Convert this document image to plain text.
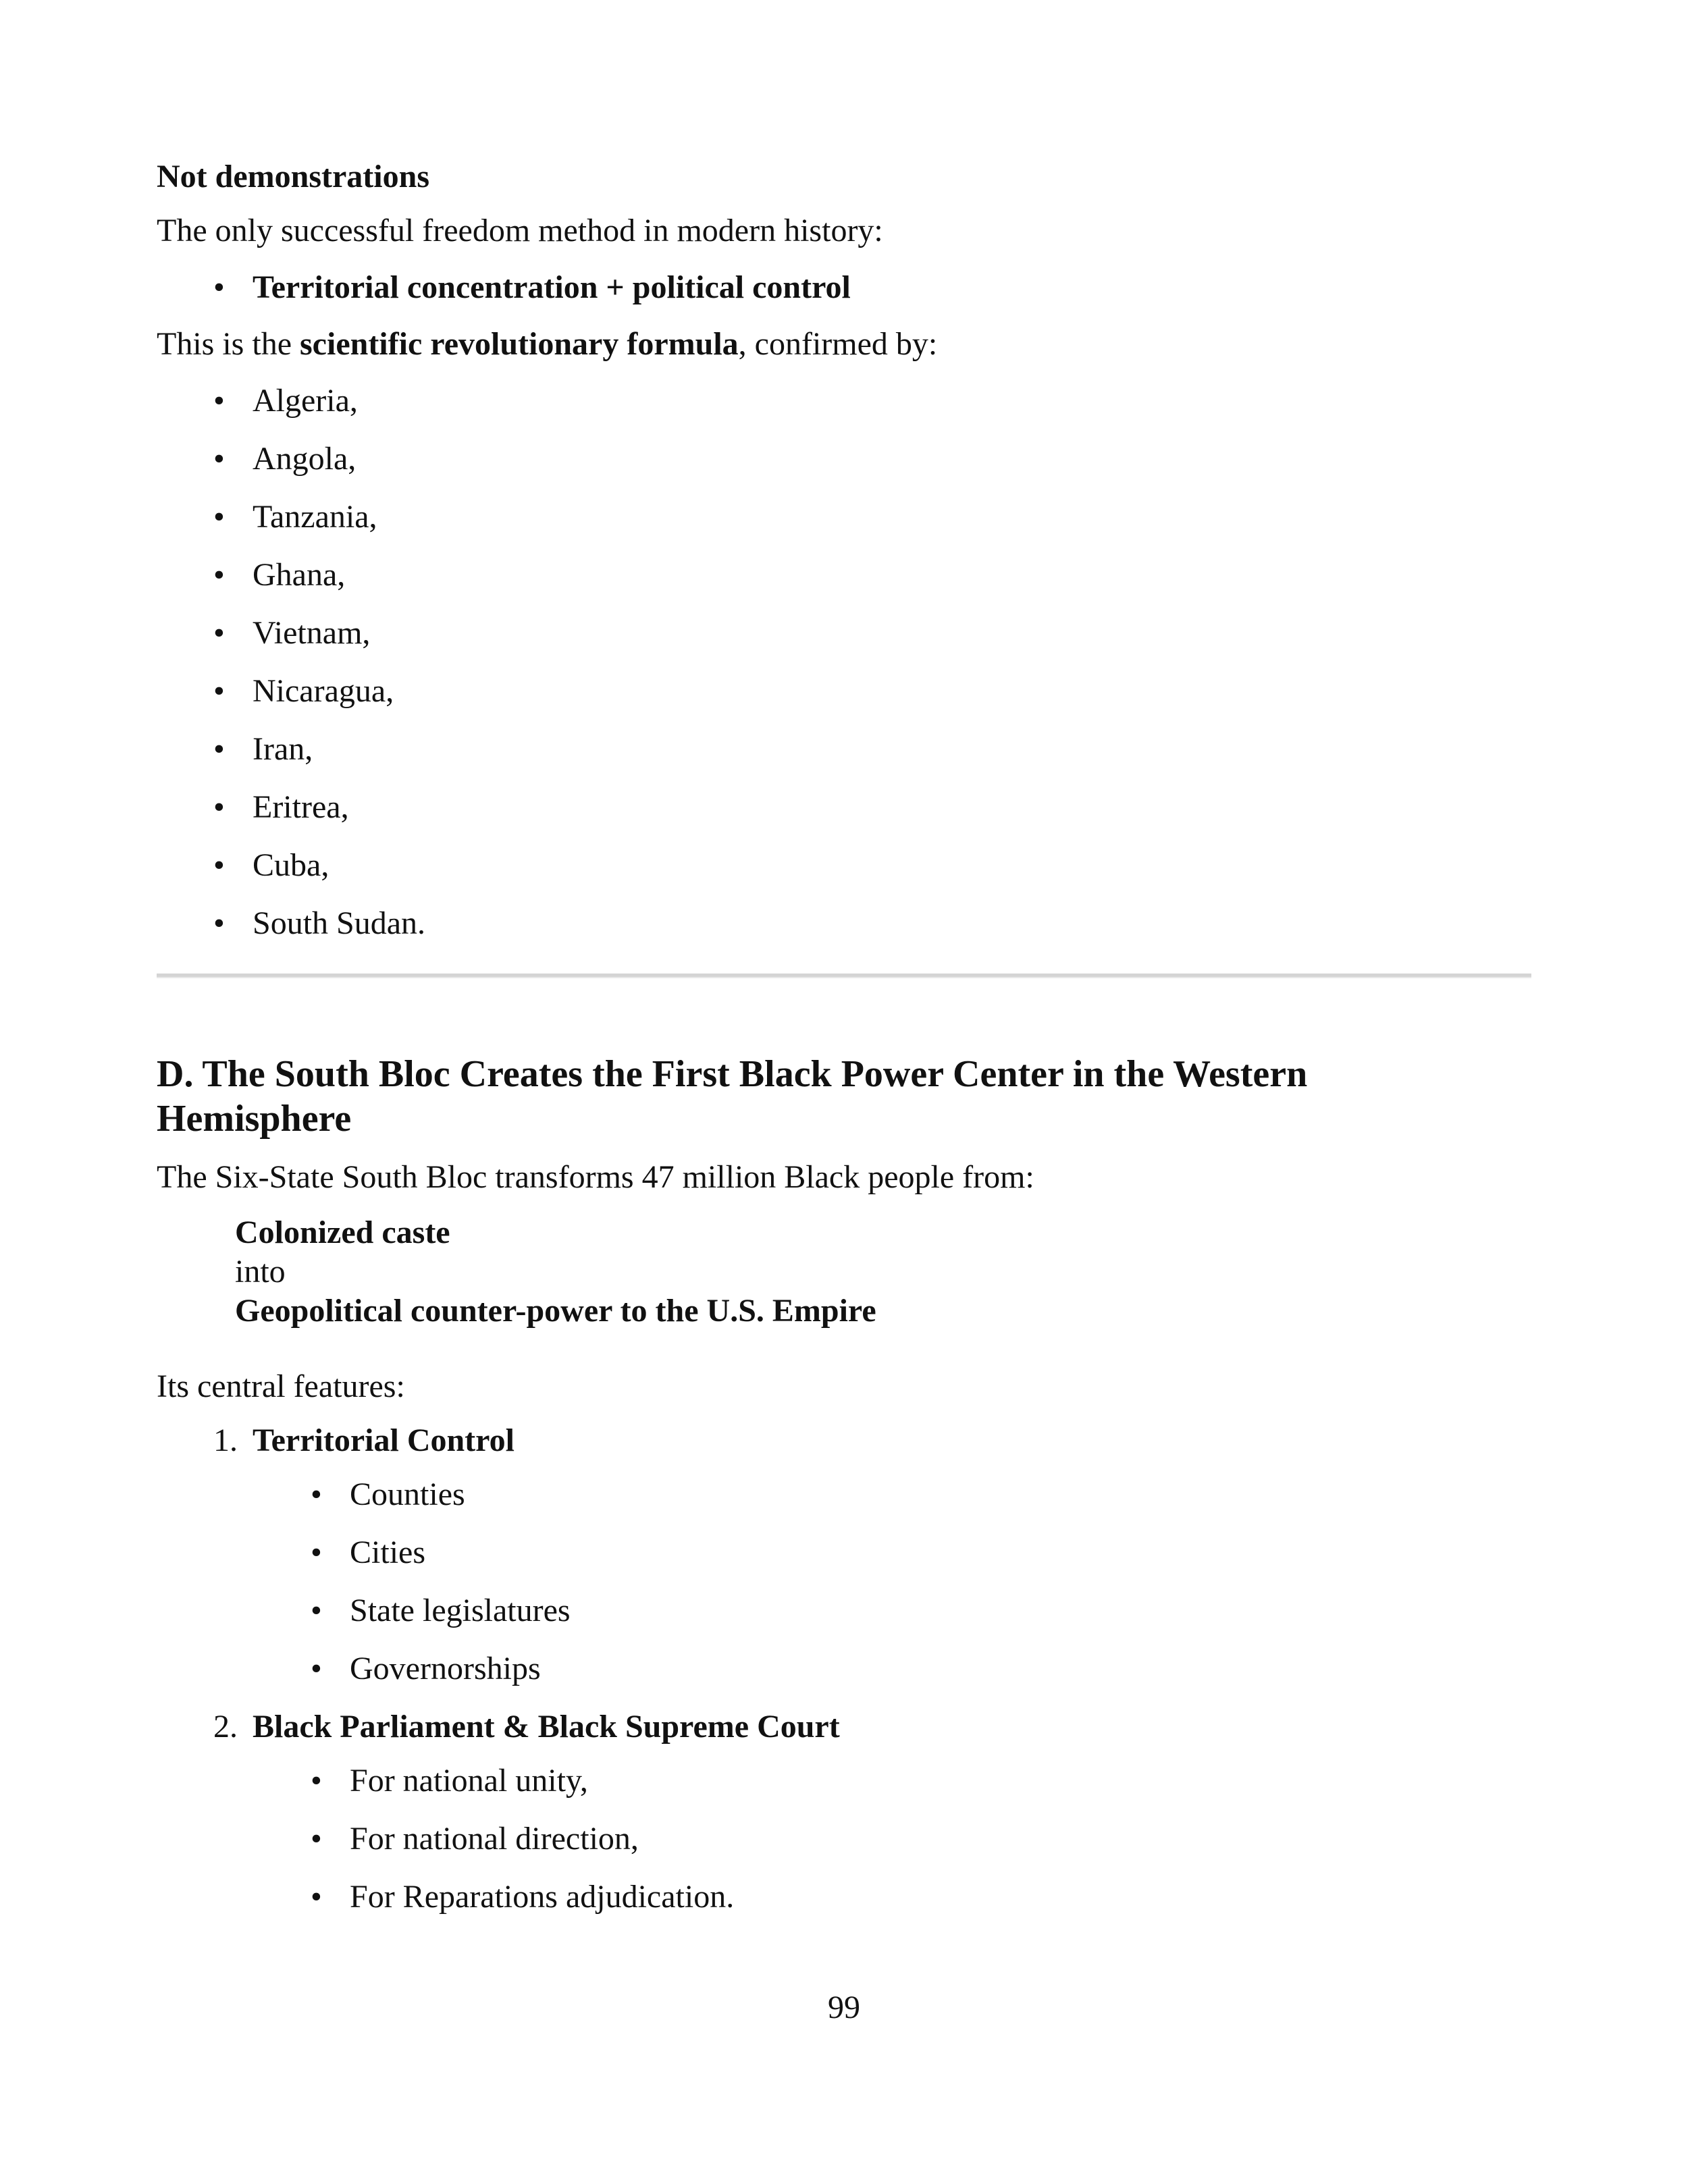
Not demonstrations
The only successful freedom method in modern history:
• Territorial concentration + political control
This is the scientific revolutionary formula, confirmed by:
• Algeria,
• Angola,
• Tanzania,
• Ghana,
• Vietnam,
• Nicaragua,
• Iran,
• Eritrea,
• Cuba,
• South Sudan.
D. The South Bloc Creates the First Black Power Center in the Western Hemisphere
The Six-State South Bloc transforms 47 million Black people from:
Colonized caste
into
Geopolitical counter-power to the U.S. Empire
Its central features:
1. Territorial Control
• Counties
• Cities
• State legislatures
• Governorships
2. Black Parliament & Black Supreme Court
• For national unity,
• For national direction,
• For Reparations adjudication.
99
